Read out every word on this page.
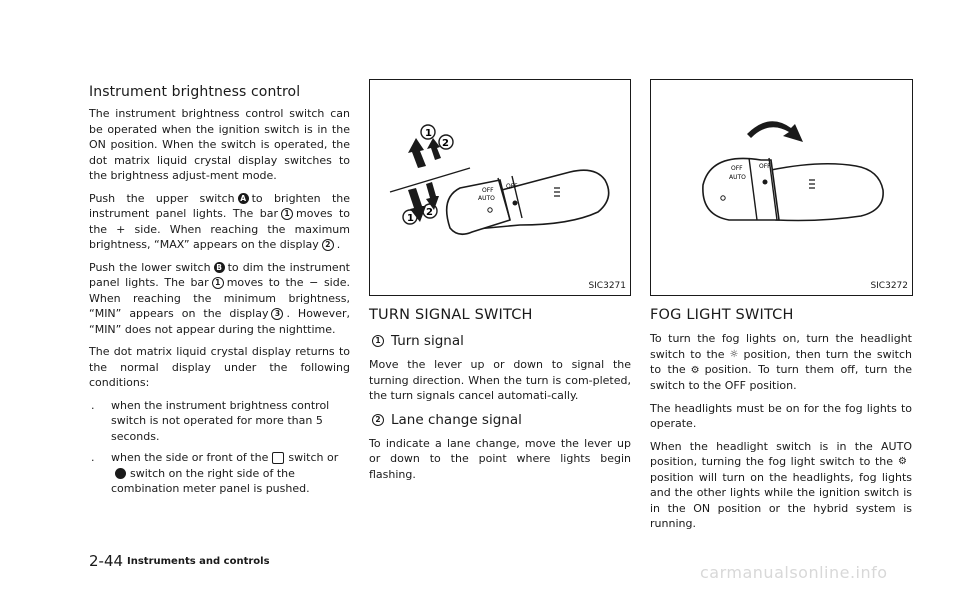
Instrument brightness control

The instrument brightness control switch can be operated when the ignition switch is in the ON position. When the switch is operated, the dot matrix liquid crystal display switches to the brightness adjust-ment mode.

Push the upper switch A to brighten the instrument panel lights. The bar 1 moves to the + side. When reaching the maximum brightness, “MAX” appears on the display 2 .

Push the lower switch B to dim the instrument panel lights. The bar 1 moves to the − side. When reaching the minimum brightness, “MIN” appears on the display 3 . However, “MIN” does not appear during the nighttime.

The dot matrix liquid crystal display returns to the normal display under the following conditions:

.	when the instrument brightness control switch is not operated for more than 5 seconds.
.	when the side or front of the switch orswitch on the right side of the combination meter panel is pushed.
OFF
AUTO
OFF
1
2
1
2
SIC3271
TURN SIGNAL SWITCH
1 Turn signal

Move the lever up or down to signal the turning direction. When the turn is com-pleted, the turn signals cancel automati-cally.

2 Lane change signal

To indicate a lane change, move the lever up or down to the point where lights begin flashing.

OFF
AUTO
OFF
SIC3272
FOG LIGHT SWITCH

To turn the fog lights on, turn the headlight switch to the ☼ position, then turn the switch to the ⚙ position. To turn them off, turn the switch to the OFF position.

The headlights must be on for the fog lights to operate.

When the headlight switch is in the AUTO position, turning the fog light switch to the ⚙position will turn on the headlights, fog lights and the other lights while the ignition switch is in the ON position or the hybrid system is running.

2-44 Instruments and controls
carmanualsonline.info
